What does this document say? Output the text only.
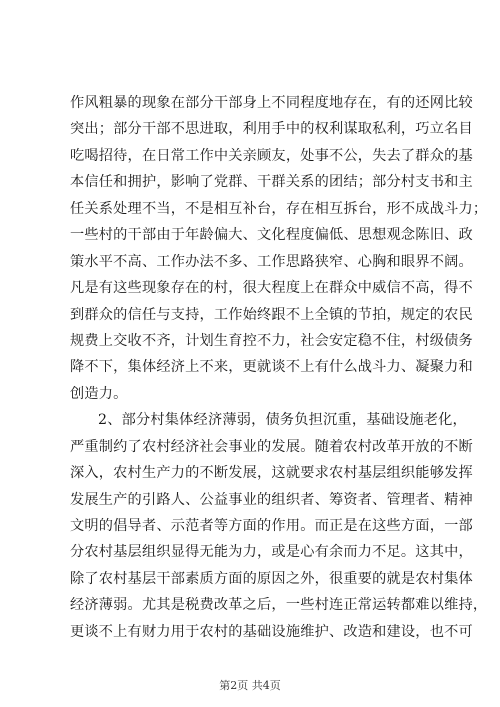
作风粗暴的现象在部分干部身上不同程度地存在，有的还网比较
突出；部分干部不思进取，利用手中的权利谋取私利，巧立名目
吃喝招待，在日常工作中关亲顾友，处事不公，失去了群众的基
本信任和拥护，影响了党群、干群关系的团结；部分村支书和主
任关系处理不当，不是相互补台，存在相互拆台，形不成战斗力；
一些村的干部由于年龄偏大、文化程度偏低、思想观念陈旧、政
策水平不高、工作办法不多、工作思路狭窄、心胸和眼界不阔。
凡是有这些现象存在的村，很大程度上在群众中威信不高，得不
到群众的信任与支持，工作始终跟不上全镇的节拍，规定的农民
规费上交收不齐，计划生育控不力，社会安定稳不住，村级债务
降不下，集体经济上不来，更就谈不上有什么战斗力、凝聚力和
创造力。
2、部分村集体经济薄弱，债务负担沉重，基础设施老化，
严重制约了农村经济社会事业的发展。随着农村改革开放的不断
深入，农村生产力的不断发展，这就要求农村基层组织能够发挥
发展生产的引路人、公益事业的组织者、筹资者、管理者、精神
文明的倡导者、示范者等方面的作用。而正是在这些方面，一部
分农村基层组织显得无能为力，或是心有余而力不足。这其中，
除了农村基层干部素质方面的原因之外，很重要的就是农村集体
经济薄弱。尤其是税费改革之后，一些村连正常运转都难以维持，
更谈不上有财力用于农村的基础设施维护、改造和建设，也不可
第2页 共4页
